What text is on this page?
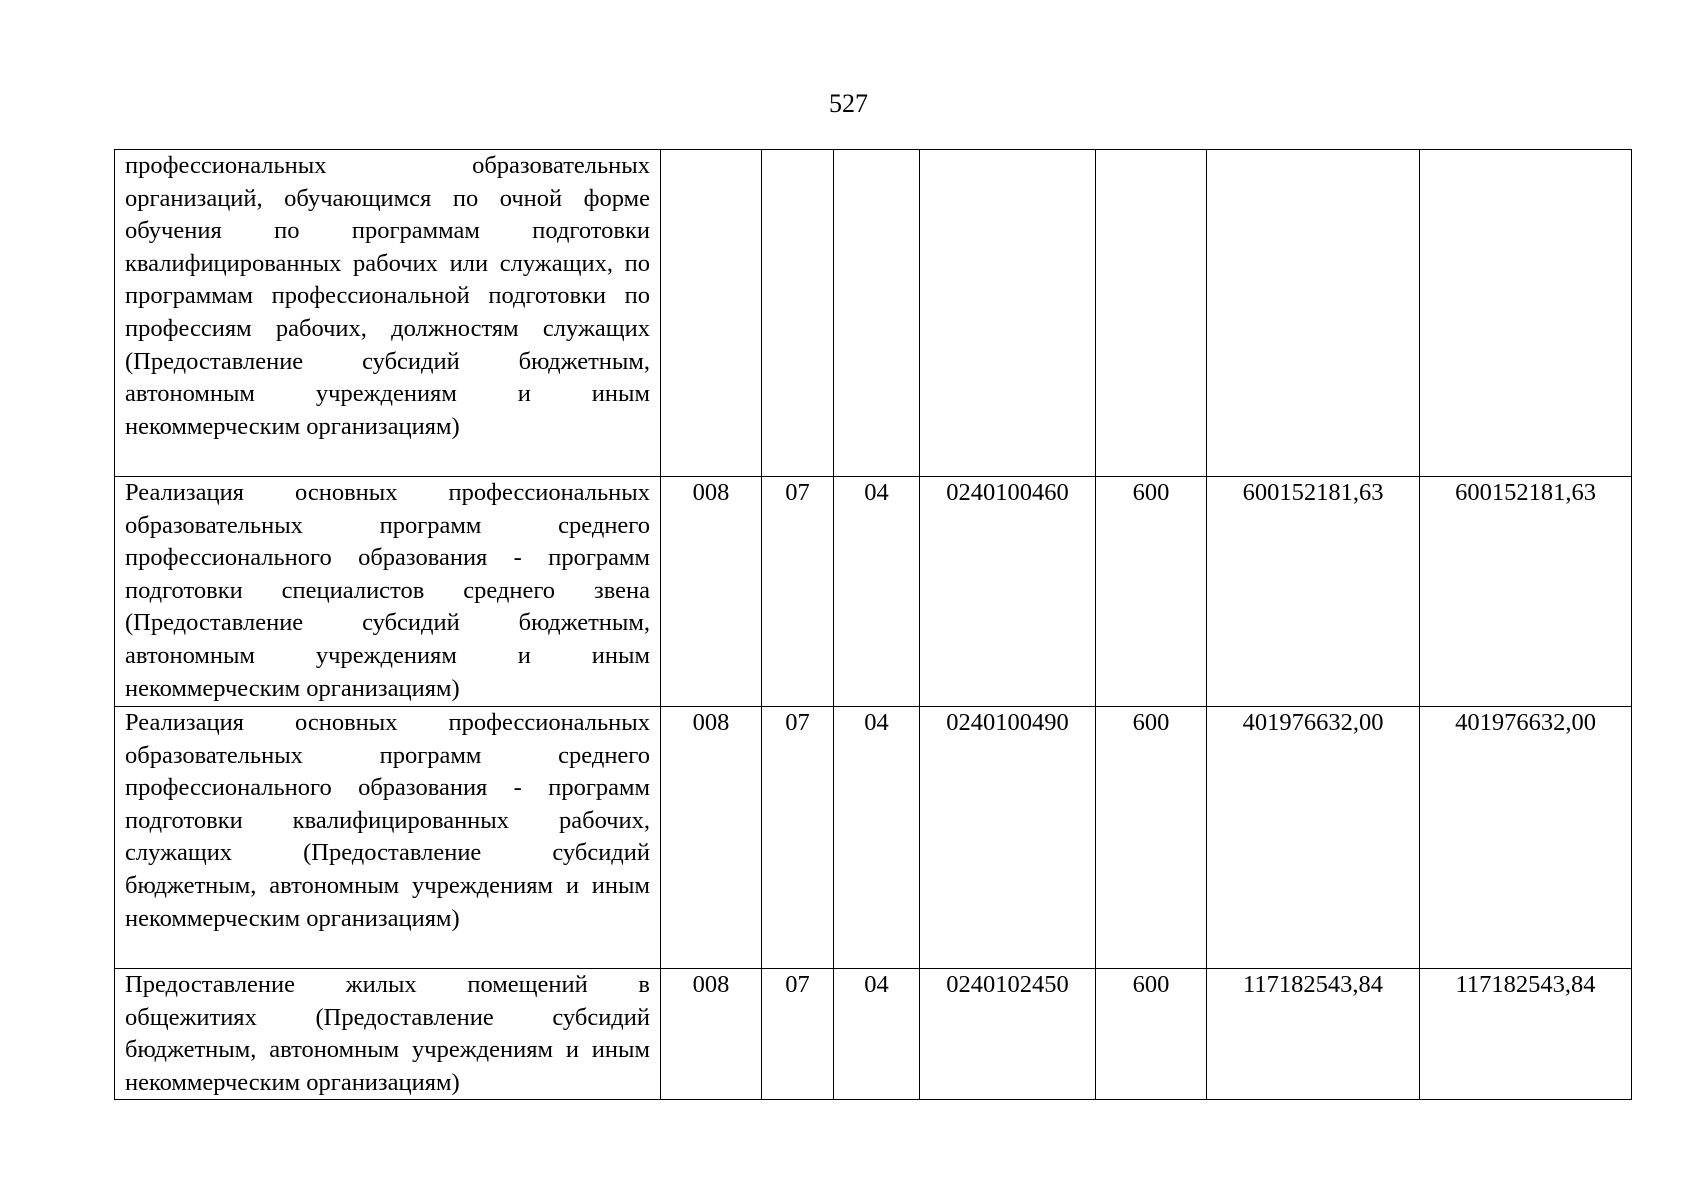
527
профессиональных образовательных организаций, обучающимся по очной форме обучения по программам подготовки квалифицированных рабочих или служащих, по программам профессиональной подготовки по профессиям рабочих, должностям служащих (Предоставление субсидий бюджетным, автономным учреждениям и иным некоммерческим организациям)							
Реализация основных профессиональных образовательных программ среднего профессионального образования - программ подготовки специалистов среднего звена (Предоставление субсидий бюджетным, автономным учреждениям и иным некоммерческим организациям)	008	07	04	0240100460	600	600152181,63	600152181,63
Реализация основных профессиональных образовательных программ среднего профессионального образования - программ подготовки квалифицированных рабочих, служащих (Предоставление субсидий бюджетным, автономным учреждениям и иным некоммерческим организациям)	008	07	04	0240100490	600	401976632,00	401976632,00
Предоставление жилых помещений в общежитиях (Предоставление субсидий бюджетным, автономным учреждениям и иным некоммерческим организациям)	008	07	04	0240102450	600	117182543,84	117182543,84
